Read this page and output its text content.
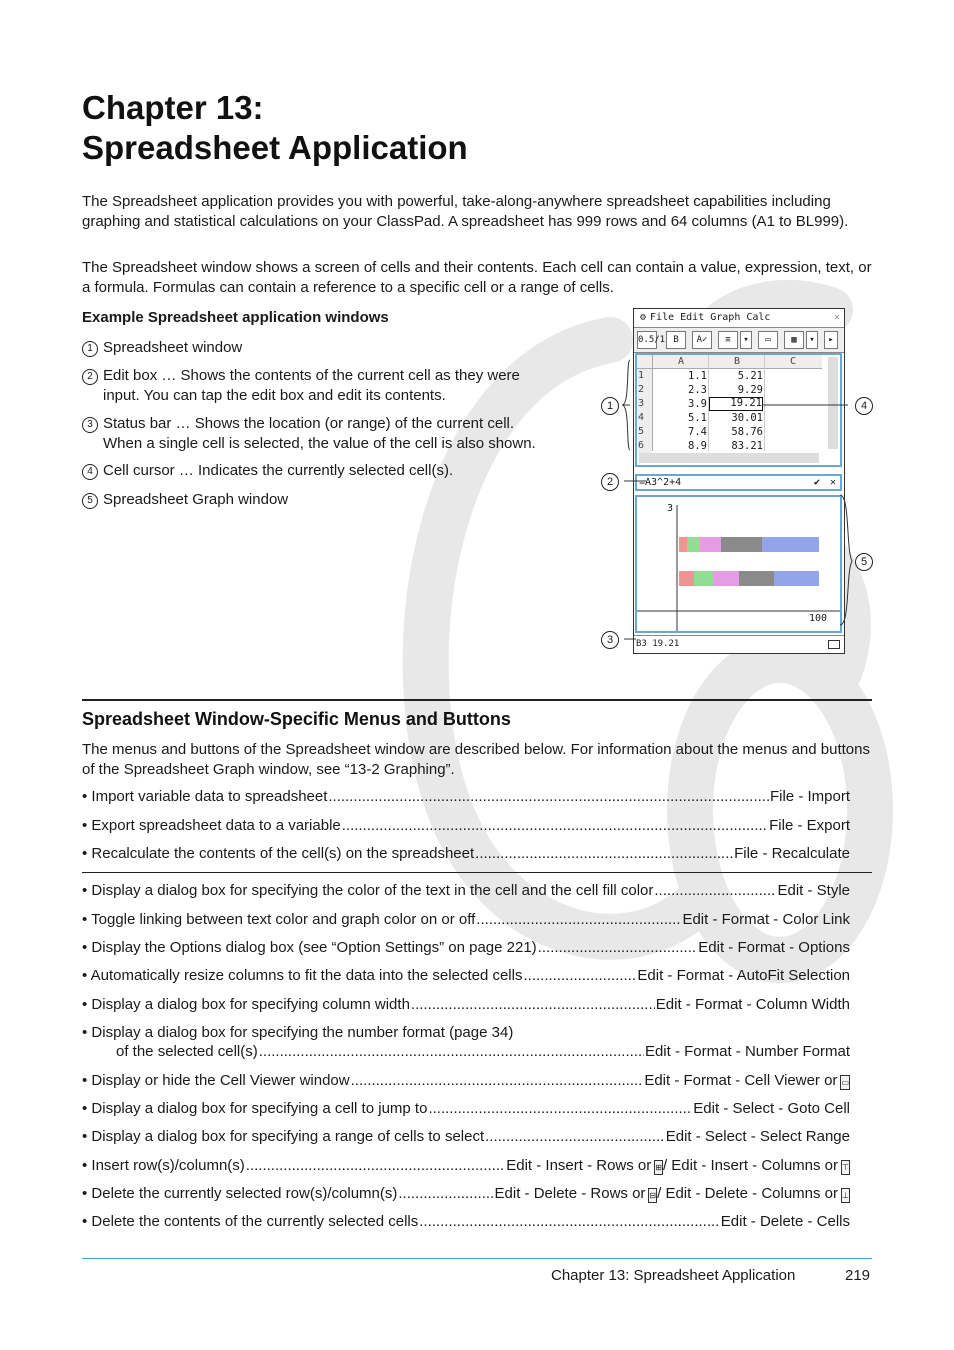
Chapter 13:
Spreadsheet Application

The Spreadsheet application provides you with powerful, take-along-anywhere spreadsheet capabilities including graphing and statistical calculations on your ClassPad. A spreadsheet has 999 rows and 64 columns (A1 to BL999).

The Spreadsheet window shows a screen of cells and their contents. Each cell can contain a value, expression, text, or a formula. Formulas can contain a reference to a specific cell or a range of cells.

Example Spreadsheet application windows

1 Spreadsheet window
2 Edit box … Shows the contents of the current cell as they were
input. You can tap the edit box and edit its contents.
3 Status bar … Shows the location (or range) of the current cell.
When a single cell is selected, the value of the cell is also shown.
4 Cell cursor … Indicates the currently selected cell(s).
5 Spreadsheet Graph window
⚙ File Edit Graph Calc	✕
0.5/1 B	A✓	≡	▾	▭	▦	▾	▸
A	B	C
1	1.1	5.21
2	2.3	9.29
3	3.9	19.21
4	5.1	30.01
5	7.4	58.76
6	8.9	83.21
=A3^2+4	✔ ✕
3
100
B3 19.21
1
2
3
4
5
Spreadsheet Window-Specific Menus and Buttons

The menus and buttons of the Spreadsheet window are described below. For information about the menus and buttons of the Spreadsheet Graph window, see “13-2 Graphing”.

• Import variable data to spreadsheet .....	File - Import
• Export spreadsheet data to a variable .....	File - Export
• Recalculate the contents of the cell(s) on the spreadsheet .....	File - Recalculate
• Display a dialog box for specifying the color of the text in the cell and the cell fill color .....	Edit - Style
• Toggle linking between text color and graph color on or off .....	Edit - Format - Color Link
• Display the Options dialog box (see “Option Settings” on page 221) .....	Edit - Format - Options
• Automatically resize columns to fit the data into the selected cells .....	Edit - Format - AutoFit Selection
• Display a dialog box for specifying column width .....	Edit - Format - Column Width
• Display a dialog box for specifying the number format (page 34)
of the selected cell(s) .....	Edit - Format - Number Format
• Display or hide the Cell Viewer window .....	Edit - Format - Cell Viewer or ▭
• Display a dialog box for specifying a cell to jump to .....	Edit - Select - Goto Cell
• Display a dialog box for specifying a range of cells to select .....	Edit - Select - Select Range
• Insert row(s)/column(s) .....	Edit - Insert - Rows or ⊞ / Edit - Insert - Columns or ⊤
• Delete the currently selected row(s)/column(s) .....	Edit - Delete - Rows or ⊟ / Edit - Delete - Columns or ⊥
• Delete the contents of the currently selected cells .....	Edit - Delete - Cells
Chapter 13: Spreadsheet Application	219
